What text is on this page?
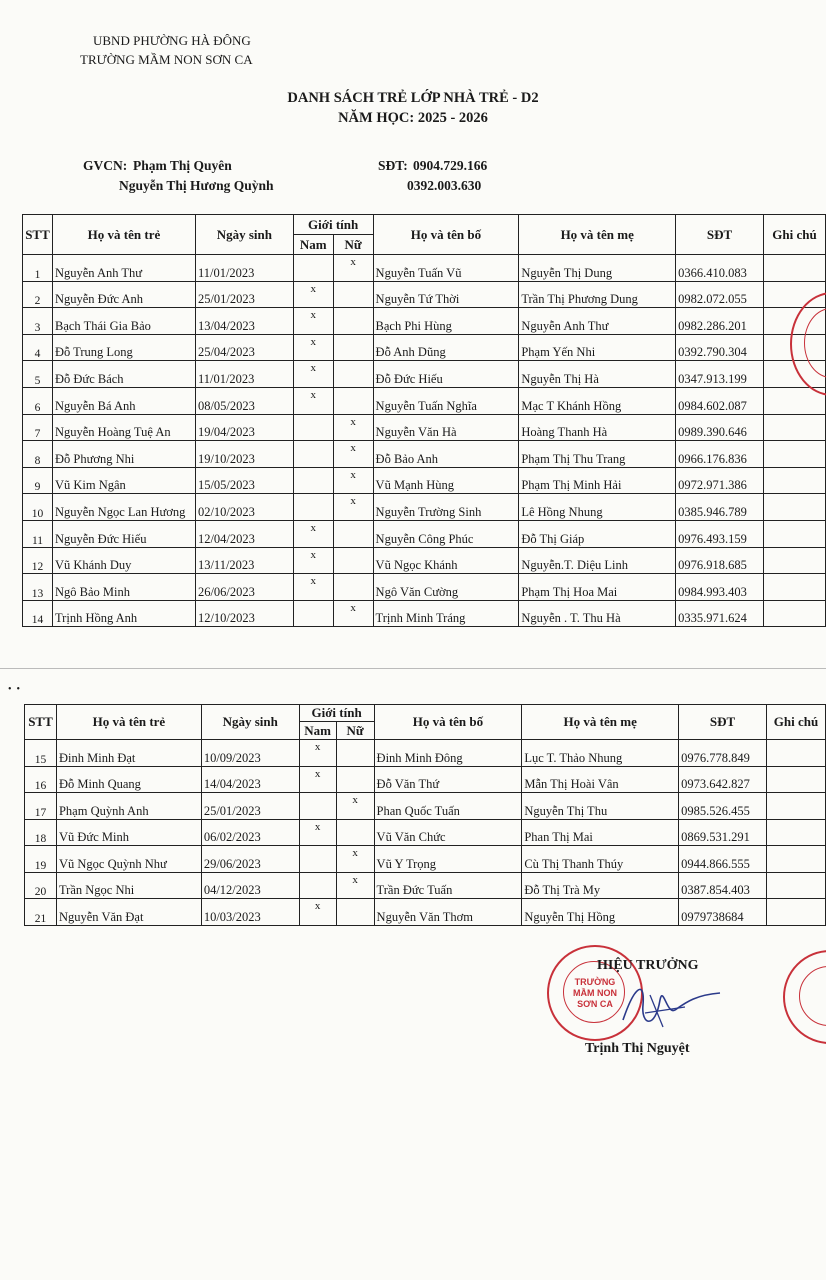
UBND PHƯỜNG HÀ ĐÔNG
TRƯỜNG MẦM NON SƠN CA
DANH SÁCH TRẺ LỚP NHÀ TRẺ - D2
NĂM HỌC: 2025 - 2026
GVCN: Phạm Thị Quyên
Nguyễn Thị Hương Quỳnh
SĐT: 0904.729.166
0392.003.630
STT	Họ và tên trẻ	Ngày sinh	Giới tính		Họ và tên bố	Họ và tên mẹ	SĐT	Ghi chú
			Nam	Nữ				
1	Nguyễn Anh Thư	11/01/2023		x	Nguyễn Tuấn Vũ	Nguyễn Thị Dung	0366.410.083	
2	Nguyễn Đức Anh	25/01/2023	x		Nguyễn Tứ Thời	Trần Thị Phương Dung	0982.072.055	
3	Bạch Thái Gia Bảo	13/04/2023	x		Bạch Phi Hùng	Nguyễn Anh Thư	0982.286.201	
4	Đỗ Trung Long	25/04/2023	x		Đỗ Anh Dũng	Phạm Yến Nhi	0392.790.304	
5	Đỗ Đức Bách	11/01/2023	x		Đỗ Đức Hiếu	Nguyễn Thị Hà	0347.913.199	
6	Nguyễn Bá Anh	08/05/2023	x		Nguyễn Tuấn Nghĩa	Mạc T Khánh Hồng	0984.602.087	
7	Nguyễn Hoàng Tuệ An	19/04/2023		x	Nguyễn Văn Hà	Hoàng Thanh Hà	0989.390.646	
8	Đỗ Phương Nhi	19/10/2023		x	Đỗ Bảo Anh	Phạm Thị Thu Trang	0966.176.836	
9	Vũ Kim Ngân	15/05/2023		x	Vũ Mạnh Hùng	Phạm Thị Minh Hải	0972.971.386	
10	Nguyễn Ngọc Lan Hương	02/10/2023		x	Nguyễn Trường Sinh	Lê Hồng Nhung	0385.946.789	
11	Nguyễn Đức Hiếu	12/04/2023	x		Nguyễn Công Phúc	Đỗ Thị Giáp	0976.493.159	
12	Vũ Khánh Duy	13/11/2023	x		Vũ Ngọc Khánh	Nguyễn.T. Diệu Linh	0976.918.685	
13	Ngô Bảo Minh	26/06/2023	x		Ngô Văn Cường	Phạm Thị Hoa Mai	0984.993.403	
14	Trịnh Hồng Anh	12/10/2023		x	Trịnh Minh Tráng	Nguyễn . T. Thu Hà	0335.971.624	
•  •
STT	Họ và tên trẻ	Ngày sinh	Giới tính		Họ và tên bố	Họ và tên mẹ	SĐT	Ghi chú
			Nam	Nữ				
15	Đinh Minh Đạt	10/09/2023	x		Đinh Minh Đông	Lục T. Thảo Nhung	0976.778.849	
16	Đỗ Minh Quang	14/04/2023	x		Đỗ Văn Thứ	Mẫn Thị Hoài Vân	0973.642.827	
17	Phạm Quỳnh Anh	25/01/2023		x	Phan Quốc Tuấn	Nguyễn Thị Thu	0985.526.455	
18	Vũ Đức Minh	06/02/2023	x		Vũ Văn Chức	Phan Thị Mai	0869.531.291	
19	Vũ Ngọc Quỳnh Như	29/06/2023		x	Vũ Y Trọng	Cù Thị Thanh Thúy	0944.866.555	
20	Trần Ngọc Nhi	04/12/2023		x	Trần Đức Tuấn	Đỗ Thị Trà My	0387.854.403	
21	Nguyễn Văn Đạt	10/03/2023	x		Nguyễn Văn Thơm	Nguyễn Thị Hồng	0979738684	
TRƯỜNG
MẦM NON
SƠN CA
HIỆU TRƯỞNG
Trịnh Thị Nguyệt
